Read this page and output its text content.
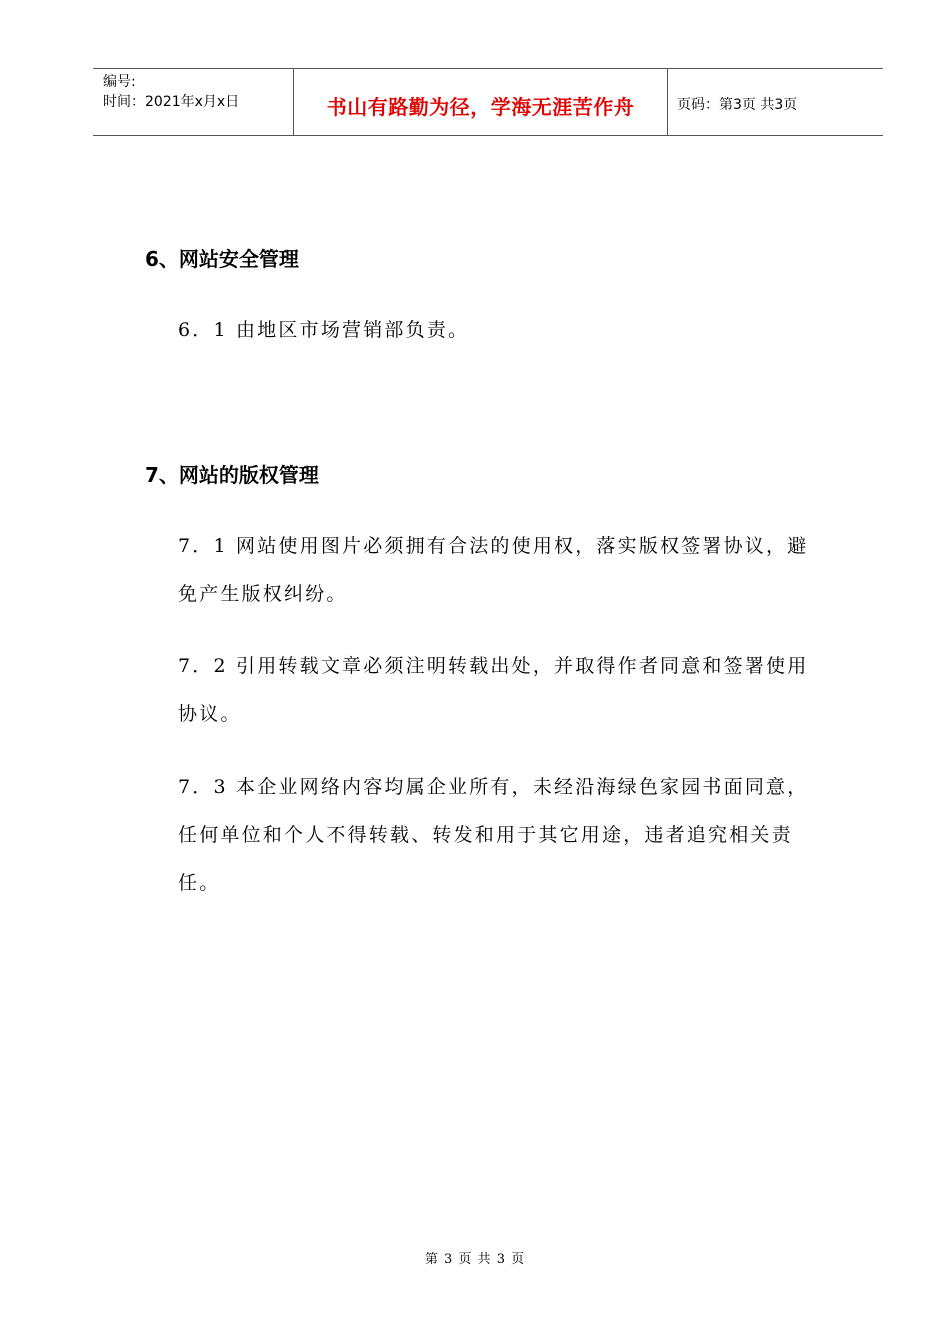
编号:
时间：2021年x月x日	书山有路勤为径，学海无涯苦作舟	页码：第3页 共3页
6、网站安全管理

6．1 由地区市场营销部负责。

7、网站的版权管理

7．1 网站使用图片必须拥有合法的使用权，落实版权签署协议，避免产生版权纠纷。

7．2 引用转载文章必须注明转载出处，并取得作者同意和签署使用协议。

7．3 本企业网络内容均属企业所有，未经沿海绿色家园书面同意，任何单位和个人不得转载、转发和用于其它用途，违者追究相关责任。

第 3 页 共 3 页
